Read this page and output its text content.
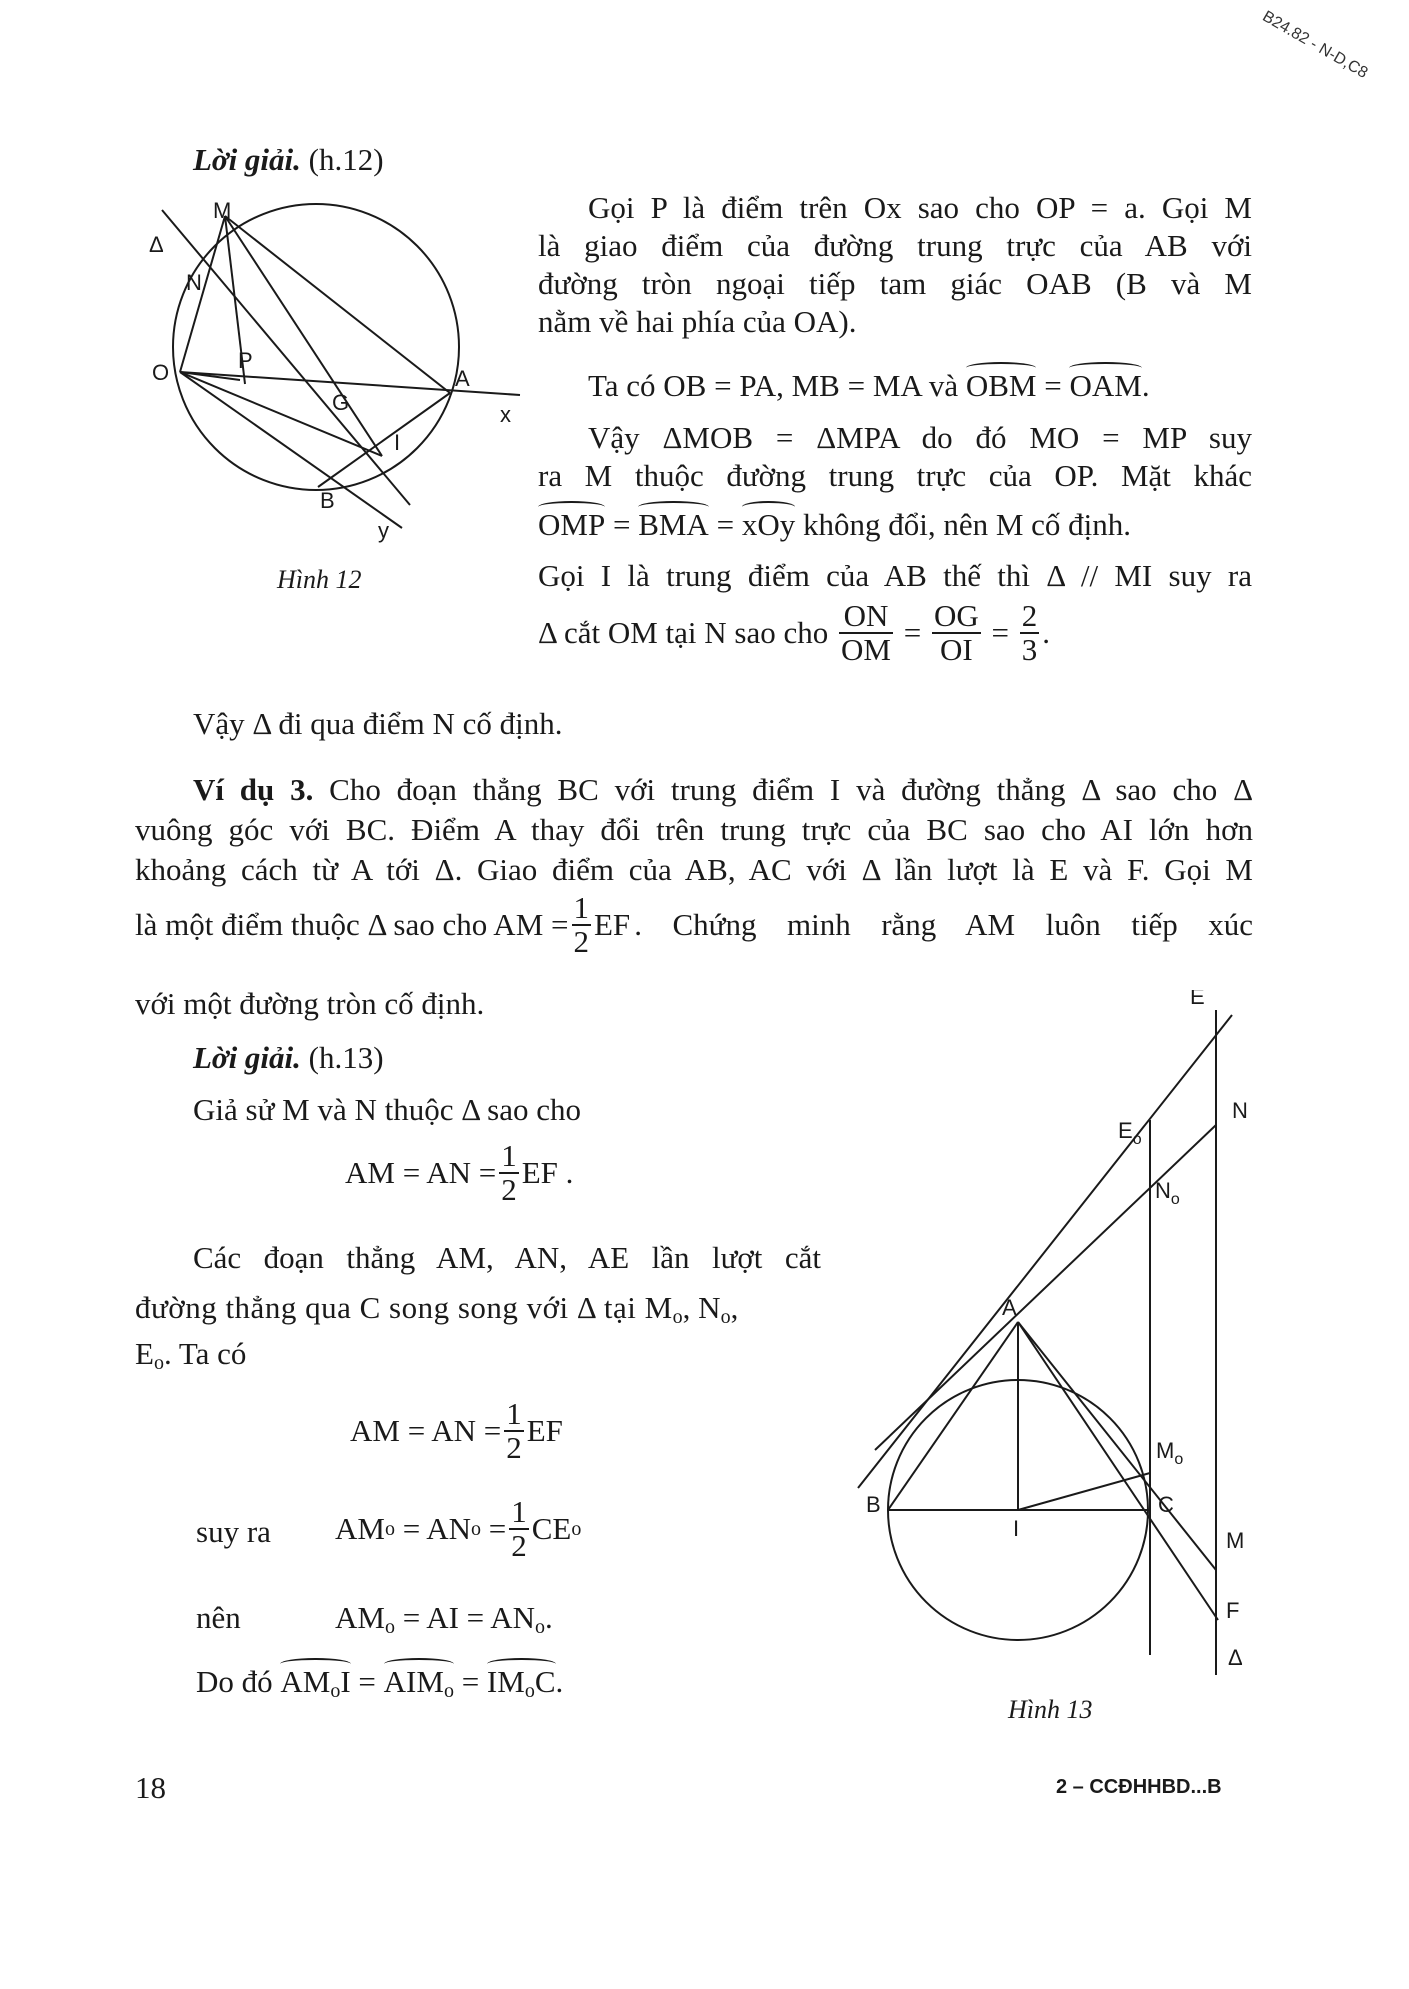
B24.82 - N-D,C8
Lời giải. (h.12)
M
Δ
N
P
O
G
A
x
I
B
y
Hình 12
Gọi P là điểm trên Ox sao cho OP = a. Gọi M
là giao điểm của đường trung trực của AB với
đường tròn ngoại tiếp tam giác OAB (B và M
nằm về hai phía của OA).
Ta có OB = PA, MB = MA và OBM = OAM.
Vậy ΔMOB = ΔMPA do đó MO = MP suy
ra M thuộc đường trung trực của OP. Mặt khác
OMP = BMA = xOy không đổi, nên M cố định.
Gọi I là trung điểm của AB thế thì Δ // MI suy ra
Δ cắt OM tại N sao cho $\frac{ON}{OM} = \frac{OG}{OI} = \frac{2}{3}$ .
Vậy Δ đi qua điểm N cố định.
Ví dụ 3. Cho đoạn thẳng BC với trung điểm I và đường thẳng Δ sao cho Δ
vuông góc với BC. Điểm A thay đổi trên trung trực của BC sao cho AI lớn hơn
khoảng cách từ A tới Δ. Giao điểm của AB, AC với Δ lần lượt là E và F. Gọi M
là một điểm thuộc Δ sao cho AM = $\frac{1}{2}$ EF . Chứng minh rằng AM luôn tiếp xúc
với một đường tròn cố định.
Lời giải. (h.13)
Giả sử M và N thuộc Δ sao cho
AM = AN = $\frac{1}{2}$ EF .
Các đoạn thẳng AM, AN, AE lần lượt cắt
đường thẳng qua C song song với Δ tại $M_o$, $N_o$,
$E_o$. Ta có
AM = AN = $\frac{1}{2}$ EF
suy ra AM o = AN $o = \frac{1}{2}$ CE o
nên	$AM_o$ = AI = $AN_o$.
Do đó $AM_oI = AIM_o = IM_oC$.
E
$E_o$
N
$N_o$
A
$M_o$
B	C
I	M
F
Δ
Hình 13
18	2 – CCĐHHBD...B
